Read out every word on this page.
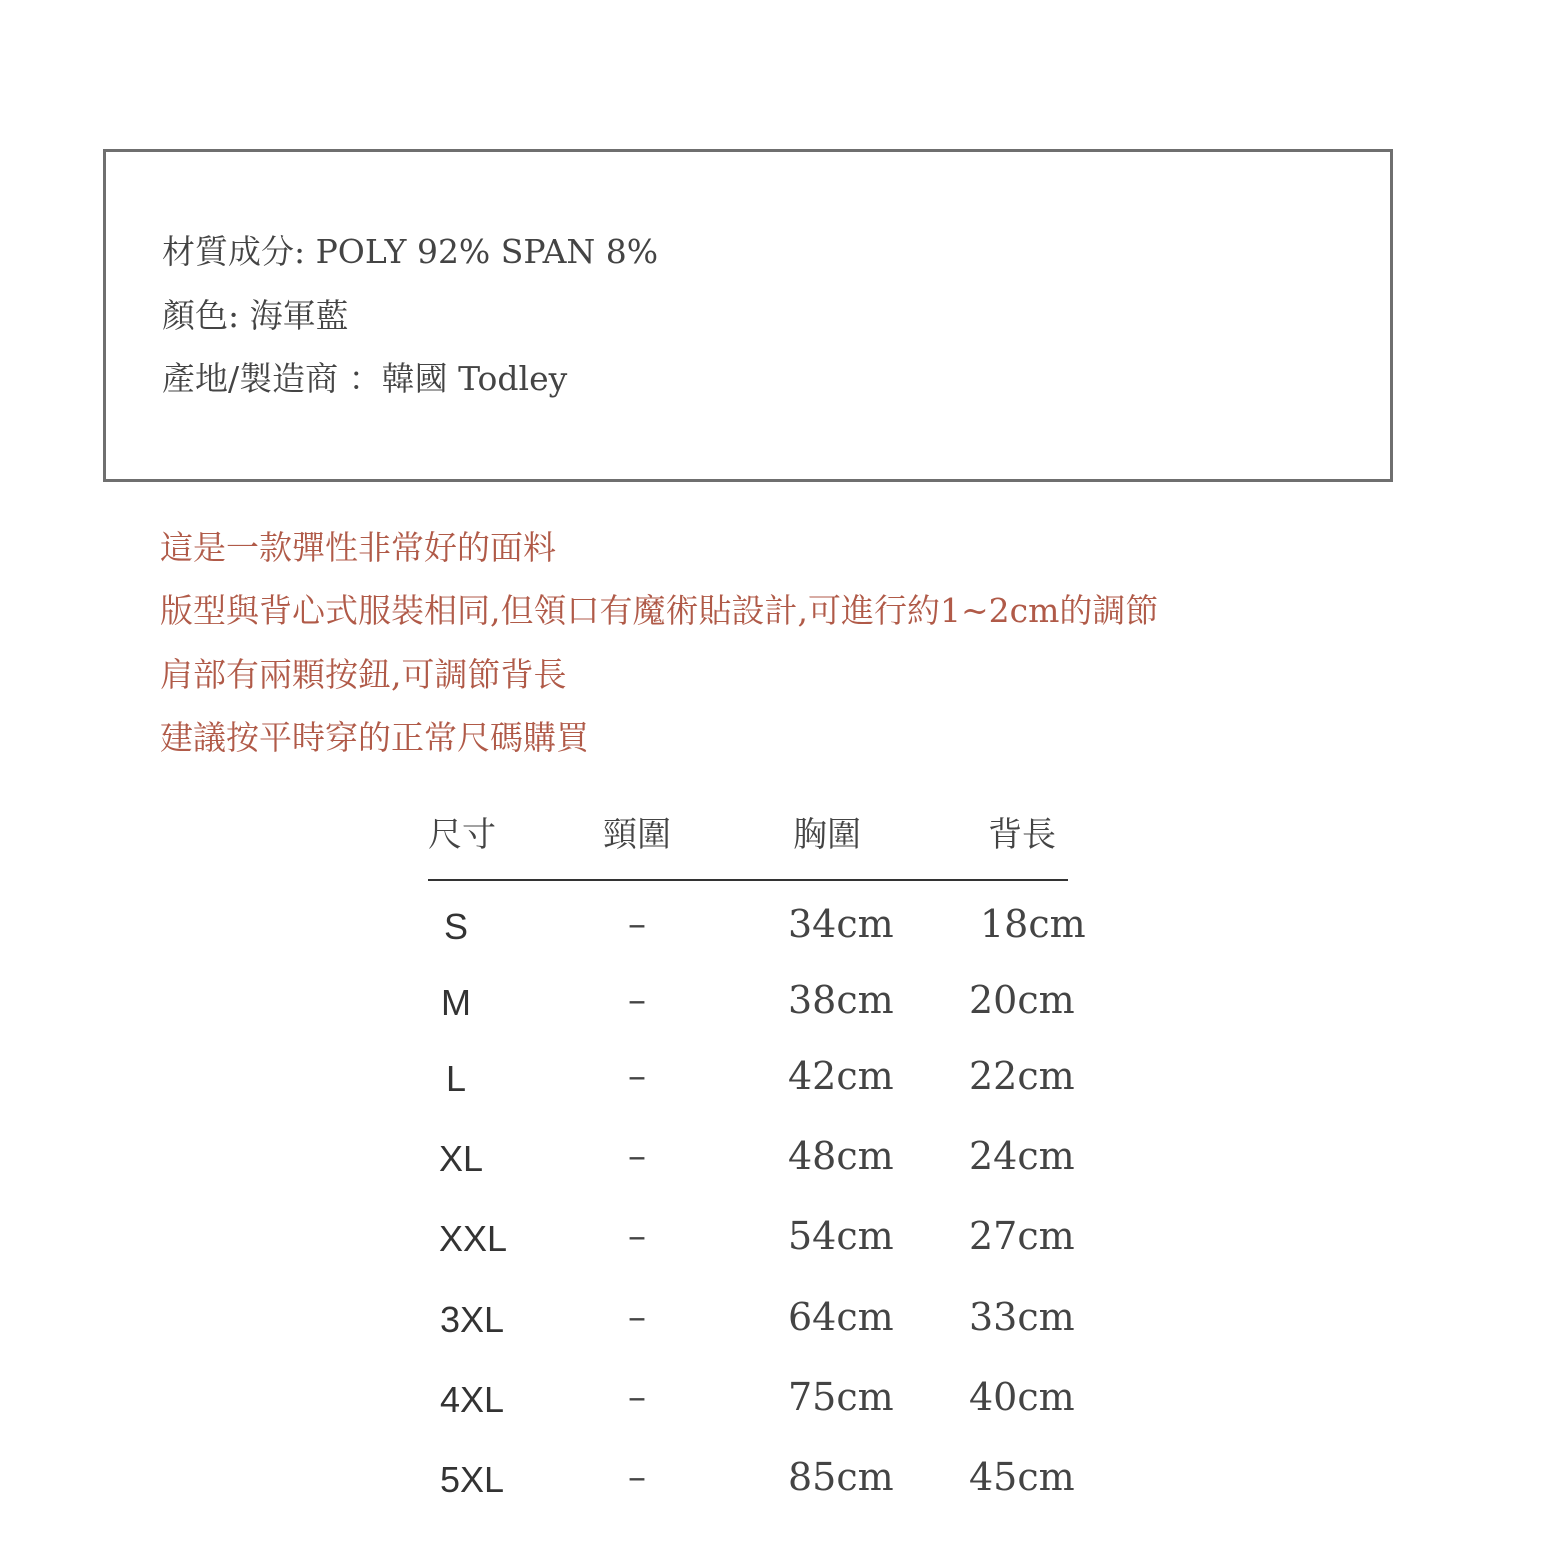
材質成分: POLY 92% SPAN 8%
顏色: 海軍藍
產地/製造商 ：韓國 Todley
這是一款彈性非常好的面料
版型與背心式服裝相同,但領口有魔術貼設計,可進行約1~2cm的調節
肩部有兩顆按鈕,可調節背長
建議按平時穿的正常尺碼購買
尺寸	頸圍	胸圍	背長
S	–	34cm 18cm
M	–	38cm 20cm
L	–	42cm 22cm
XL	–	48cm 24cm
XXL	–	54cm 27cm
3XL	–	64cm 33cm
4XL	–	75cm 40cm
5XL	–	85cm 45cm
